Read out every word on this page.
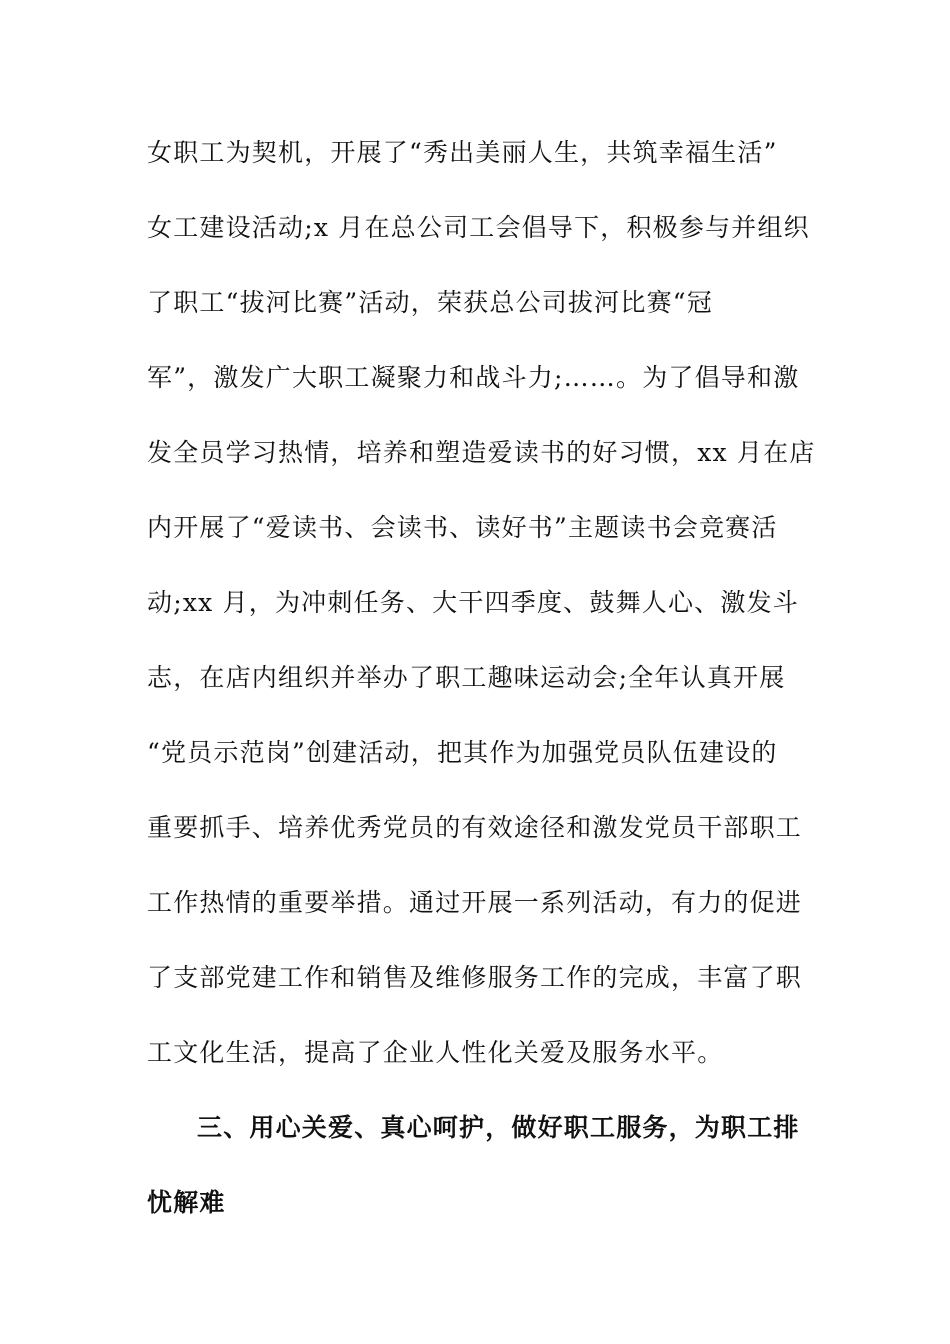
女职工为契机，开展了“秀出美丽人生，共筑幸福生活”
女工建设活动;x 月在总公司工会倡导下，积极参与并组织
了职工“拔河比赛”活动，荣获总公司拔河比赛“冠
军”，激发广大职工凝聚力和战斗力;……。为了倡导和激
发全员学习热情，培养和塑造爱读书的好习惯，xx 月在店
内开展了“爱读书、会读书、读好书”主题读书会竞赛活
动;xx 月，为冲刺任务、大干四季度、鼓舞人心、激发斗
志，在店内组织并举办了职工趣味运动会;全年认真开展
“党员示范岗”创建活动，把其作为加强党员队伍建设的
重要抓手、培养优秀党员的有效途径和激发党员干部职工
工作热情的重要举措。通过开展一系列活动，有力的促进
了支部党建工作和销售及维修服务工作的完成，丰富了职
工文化生活，提高了企业人性化关爱及服务水平。
三、用心关爱、真心呵护，做好职工服务，为职工排
忧解难
